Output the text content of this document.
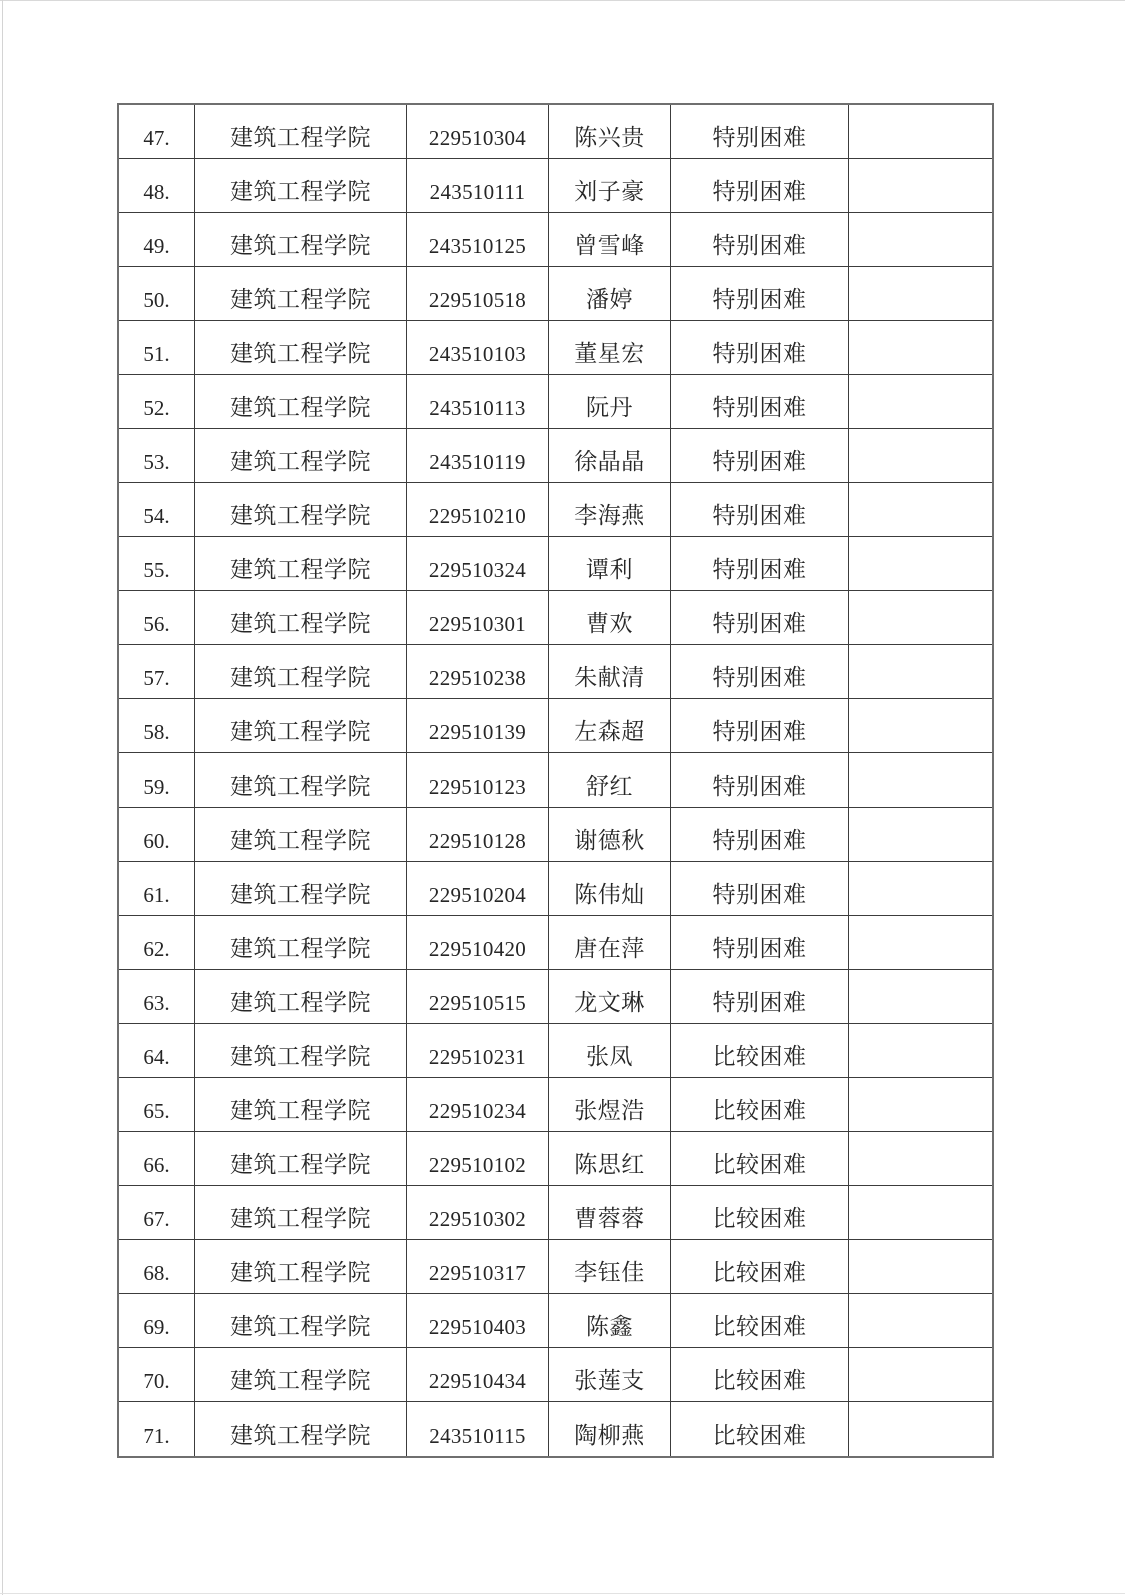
47.	建筑工程学院	229510304	陈兴贵	特别困难
48.	建筑工程学院	243510111	刘子豪	特别困难
49.	建筑工程学院	243510125	曾雪峰	特别困难
50.	建筑工程学院	229510518	潘婷	特别困难
51.	建筑工程学院	243510103	董星宏	特别困难
52.	建筑工程学院	243510113	阮丹	特别困难
53.	建筑工程学院	243510119	徐晶晶	特别困难
54.	建筑工程学院	229510210	李海燕	特别困难
55.	建筑工程学院	229510324	谭利	特别困难
56.	建筑工程学院	229510301	曹欢	特别困难
57.	建筑工程学院	229510238	朱献清	特别困难
58.	建筑工程学院	229510139	左森超	特别困难
59.	建筑工程学院	229510123	舒红	特别困难
60.	建筑工程学院	229510128	谢德秋	特别困难
61.	建筑工程学院	229510204	陈伟灿	特别困难
62.	建筑工程学院	229510420	唐在萍	特别困难
63.	建筑工程学院	229510515	龙文琳	特别困难
64.	建筑工程学院	229510231	张凤	比较困难
65.	建筑工程学院	229510234	张煜浩	比较困难
66.	建筑工程学院	229510102	陈思红	比较困难
67.	建筑工程学院	229510302	曹蓉蓉	比较困难
68.	建筑工程学院	229510317	李钰佳	比较困难
69.	建筑工程学院	229510403	陈鑫	比较困难
70.	建筑工程学院	229510434	张莲支	比较困难
71.	建筑工程学院	243510115	陶柳燕	比较困难
